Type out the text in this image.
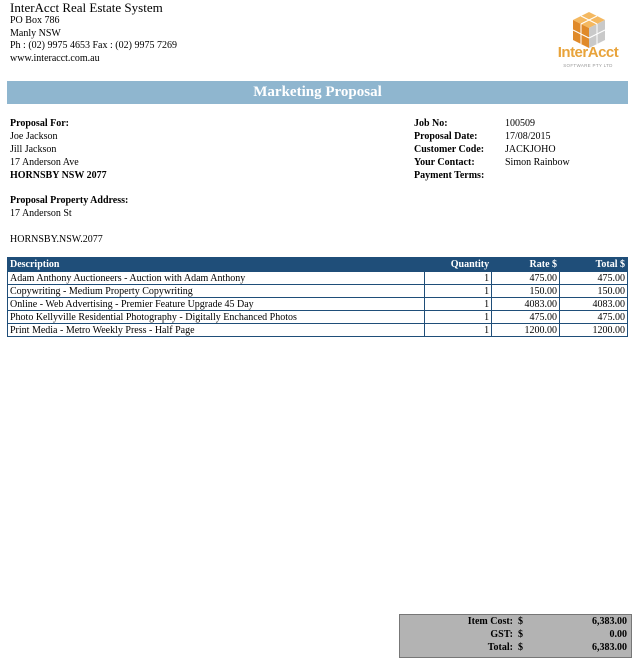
InterAcct Real Estate System
PO Box 786
Manly NSW
Ph : (02) 9975 4653 Fax : (02) 9975 7269
www.interacct.com.au	InterAcct
SOFTWARE PTY LTD
Marketing Proposal
Proposal For:
Joe Jackson
Jill Jackson
17 Anderson Ave
HORNSBY NSW 2077
Job No:	100509
Proposal Date:	17/08/2015
Customer Code:	JACKJOHO
Your Contact:	Simon Rainbow
Payment Terms:
Proposal Property Address:
17 Anderson St
HORNSBY.NSW.2077
Description	Quantity	Rate $	Total $
Adam Anthony Auctioneers - Auction with Adam Anthony	1	475.00	475.00
Copywriting - Medium Property Copywriting	1	150.00	150.00
Online - Web Advertising - Premier Feature Upgrade 45 Day	1	4083.00	4083.00
Photo Kellyville Residential Photography - Digitally Enchanced Photos	1	475.00	475.00
Print Media - Metro Weekly Press - Half Page	1	1200.00	1200.00
Item Cost: $	6,383.00
GST: $	0.00
Total: $	6,383.00
